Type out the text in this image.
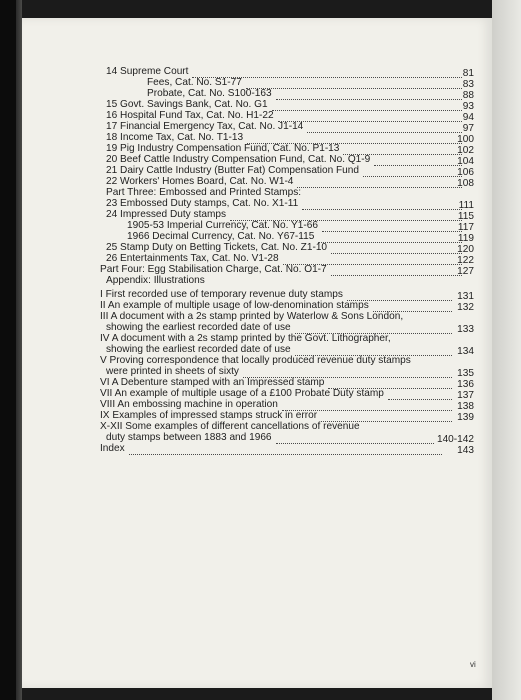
14 Supreme Court	81
Fees, Cat. No. S1-77	83
Probate, Cat. No. S100-163	88
15 Govt. Savings Bank, Cat. No. G1	93
16 Hospital Fund Tax, Cat. No. H1-22	94
17 Financial Emergency Tax, Cat. No. J1-14	97
18 Income Tax, Cat. No. T1-13	100
19 Pig Industry Compensation Fund, Cat. No. P1-13	102
20 Beef Cattle Industry Compensation Fund, Cat. No. Q1-9	104
21 Dairy Cattle Industry (Butter Fat) Compensation Fund	106
22 Workers' Homes Board, Cat. No. W1-4	108
Part Three: Embossed and Printed Stamps:
23 Embossed Duty stamps, Cat. No. X1-11	111
24 Impressed Duty stamps	115
1905-53 Imperial Currency, Cat. No. Y1-66	117
1966 Decimal Currency, Cat. No. Y67-115	119
25 Stamp Duty on Betting Tickets, Cat. No. Z1-10	120
26 Entertainments Tax, Cat. No. V1-28	122
Part Four: Egg Stabilisation Charge, Cat. No. O1-7	127
Appendix: Illustrations
I First recorded use of temporary revenue duty stamps	131
II An example of multiple usage of low-denomination stamps	132
III A document with a 2s stamp printed by Waterlow & Sons London,
showing the earliest recorded date of use	133
IV A document with a 2s stamp printed by the Govt. Lithographer,
showing the earliest recorded date of use	134
V Proving correspondence that locally produced revenue duty stamps
were printed in sheets of sixty	135
VI A Debenture stamped with an Impressed stamp	136
VII An example of multiple usage of a £100 Probate Duty stamp	137
VIII An embossing machine in operation	138
IX Examples of impressed stamps struck in error	139
X-XII Some examples of different cancellations of revenue
duty stamps between 1883 and 1966	140-142
Index	143
vi
